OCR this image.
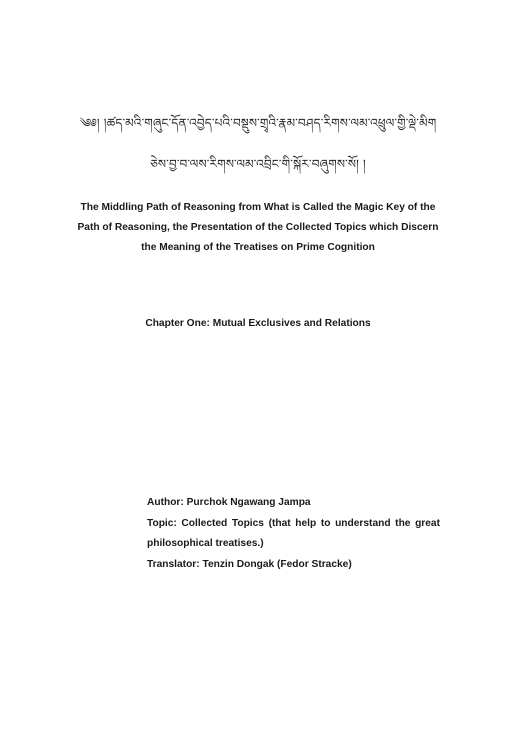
༄༅། །ཚད་མའི་གཞུང་དོན་འབྱེད་པའི་བསྡུས་གྲྭའི་རྣམ་བཤད་རིགས་ལམ་འཕྲུལ་གྱི་ལྡེ་མིག
ཅེས་བྱ་བ་ལས་རིགས་ལམ་འབྲིང་གི་སྐོར་བཞུགས་སོ། །
The Middling Path of Reasoning from What is Called the Magic Key of the Path of Reasoning, the Presentation of the Collected Topics which Discern the Meaning of the Treatises on Prime Cognition
Chapter One: Mutual Exclusives and Relations
Author: Purchok Ngawang Jampa
Topic: Collected Topics (that help to understand the great
philosophical treatises.)
Translator: Tenzin Dongak (Fedor Stracke)
